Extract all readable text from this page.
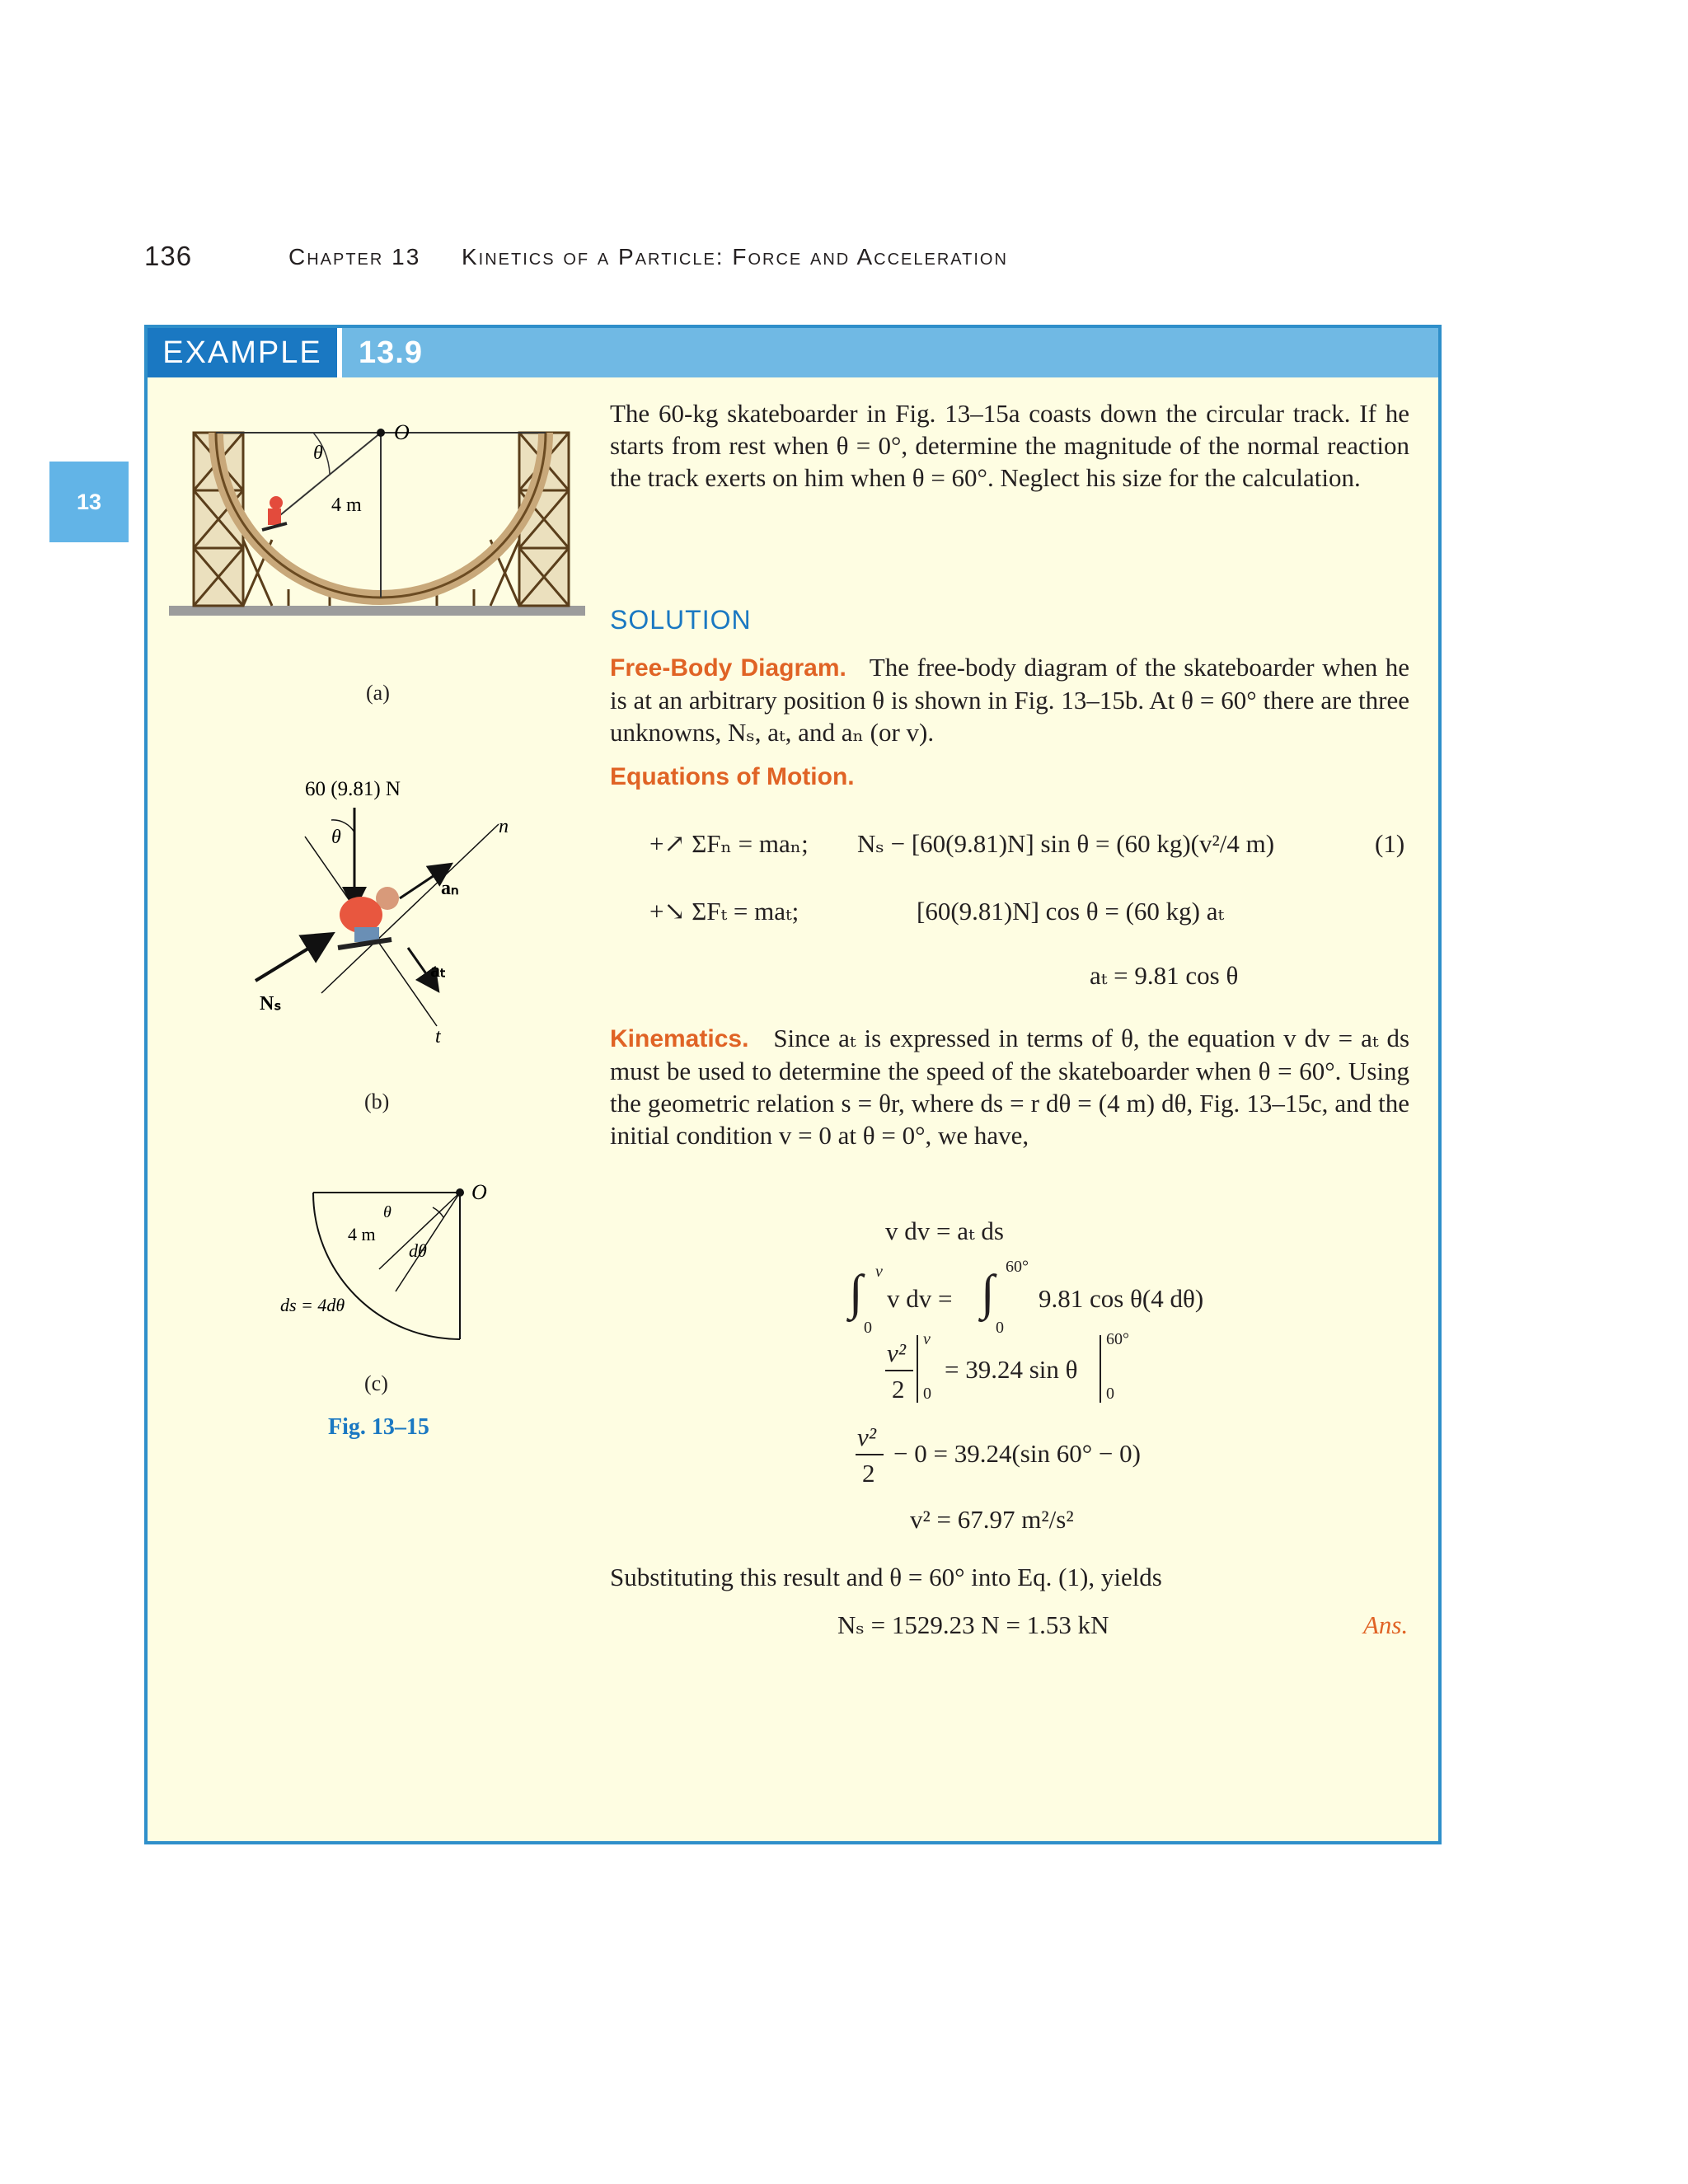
136	Chapter 13 Kinetics of a Particle: Force and Acceleration
13
EXAMPLE	13.9
O
θ
4 m
(a)
60 (9.81) N
θ	n
aₙ
aₜ
Nₛ
t
(b)
O
θ
4 m
dθ
ds = 4dθ
(c)
Fig. 13–15

The 60-kg skateboarder in Fig. 13–15a coasts down the circular track. If he starts from rest when θ = 0°, determine the magnitude of the normal reaction the track exerts on him when θ = 60°. Neglect his size for the calculation.

SOLUTION

Free-Body Diagram. The free-body diagram of the skateboarder when he is at an arbitrary position θ is shown in Fig. 13–15b. At θ = 60° there are three unknowns, Nₛ, aₜ, and aₙ (or v).

Equations of Motion.
+↗ ΣFₙ = maₙ; Nₛ − [60(9.81)N] sin θ = (60 kg)(v²/4 m)	(1)
+↘ ΣFₜ = maₜ;	[60(9.81)N] cos θ = (60 kg) aₜ
aₜ = 9.81 cos θ

Kinematics. Since aₜ is expressed in terms of θ, the equation v dv = aₜ ds must be used to determine the speed of the skateboarder when θ = 60°. Using the geometric relation s = θr, where ds = r dθ = (4 m) dθ, Fig. 13–15c, and the initial condition v = 0 at θ = 0°, we have,

v dv = aₜ ds
∫ v
0
v dv = ∫ 60°
0
9.81 cos θ(4 dθ)
v²
2
v
0
= 39.24 sin θ
60°
0
v²
2
− 0 = 39.24(sin 60° − 0)
v² = 67.97 m²/s²
Substituting this result and θ = 60° into Eq. (1), yields
Nₛ = 1529.23 N = 1.53 kN	Ans.
